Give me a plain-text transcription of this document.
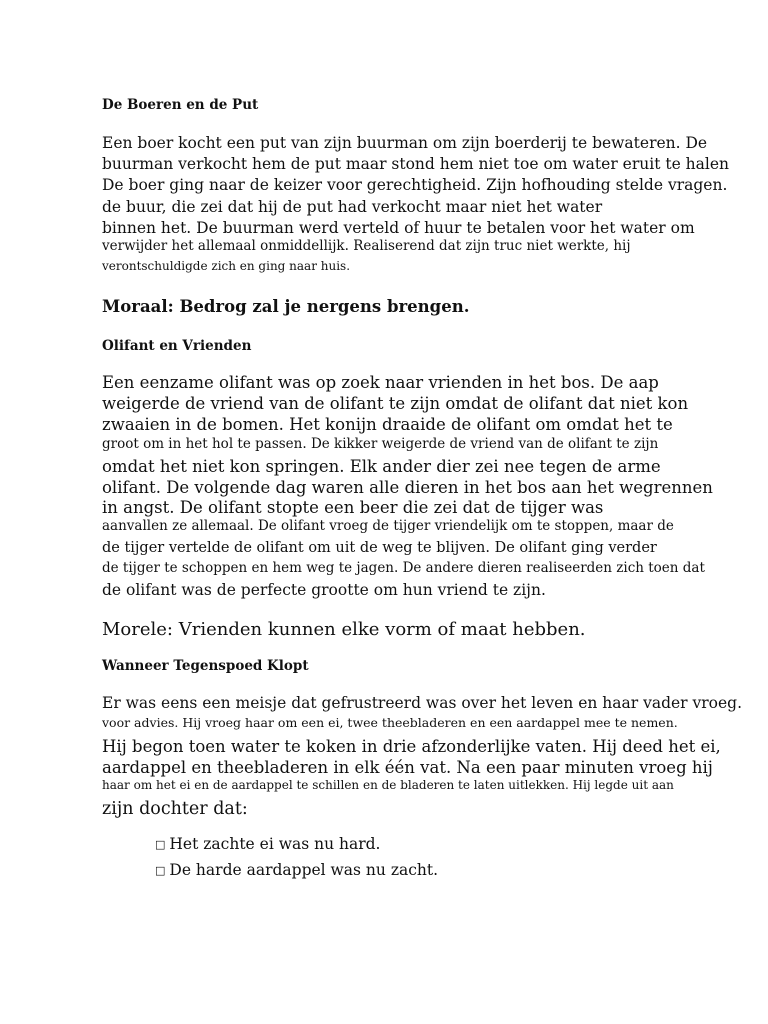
De Boeren en de Put
Een boer kocht een put van zijn buurman om zijn boerderij te bewateren. De
buurman verkocht hem de put maar stond hem niet toe om water eruit te halen
De boer ging naar de keizer voor gerechtigheid. Zijn hofhouding stelde vragen.
de buur, die zei dat hij de put had verkocht maar niet het water
binnen het. De buurman werd verteld of huur te betalen voor het water om
verwijder het allemaal onmiddellijk. Realiserend dat zijn truc niet werkte, hij
verontschuldigde zich en ging naar huis.
Moraal: Bedrog zal je nergens brengen.
Olifant en Vrienden
Een eenzame olifant was op zoek naar vrienden in het bos. De aap
weigerde de vriend van de olifant te zijn omdat de olifant dat niet kon
zwaaien in de bomen. Het konijn draaide de olifant om omdat het te
groot om in het hol te passen. De kikker weigerde de vriend van de olifant te zijn
omdat het niet kon springen. Elk ander dier zei nee tegen de arme
olifant. De volgende dag waren alle dieren in het bos aan het wegrennen
in angst. De olifant stopte een beer die zei dat de tijger was
aanvallen ze allemaal. De olifant vroeg de tijger vriendelijk om te stoppen, maar de
de tijger vertelde de olifant om uit de weg te blijven. De olifant ging verder
de tijger te schoppen en hem weg te jagen. De andere dieren realiseerden zich toen dat
de olifant was de perfecte grootte om hun vriend te zijn.
Morele: Vrienden kunnen elke vorm of maat hebben.
Wanneer Tegenspoed Klopt
Er was eens een meisje dat gefrustreerd was over het leven en haar vader vroeg.
voor advies. Hij vroeg haar om een ei, twee theebladeren en een aardappel mee te nemen.
Hij begon toen water te koken in drie afzonderlijke vaten. Hij deed het ei,
aardappel en theebladeren in elk één vat. Na een paar minuten vroeg hij
haar om het ei en de aardappel te schillen en de bladeren te laten uitlekken. Hij legde uit aan
zijn dochter dat:
□ Het zachte ei was nu hard.
□ De harde aardappel was nu zacht.
